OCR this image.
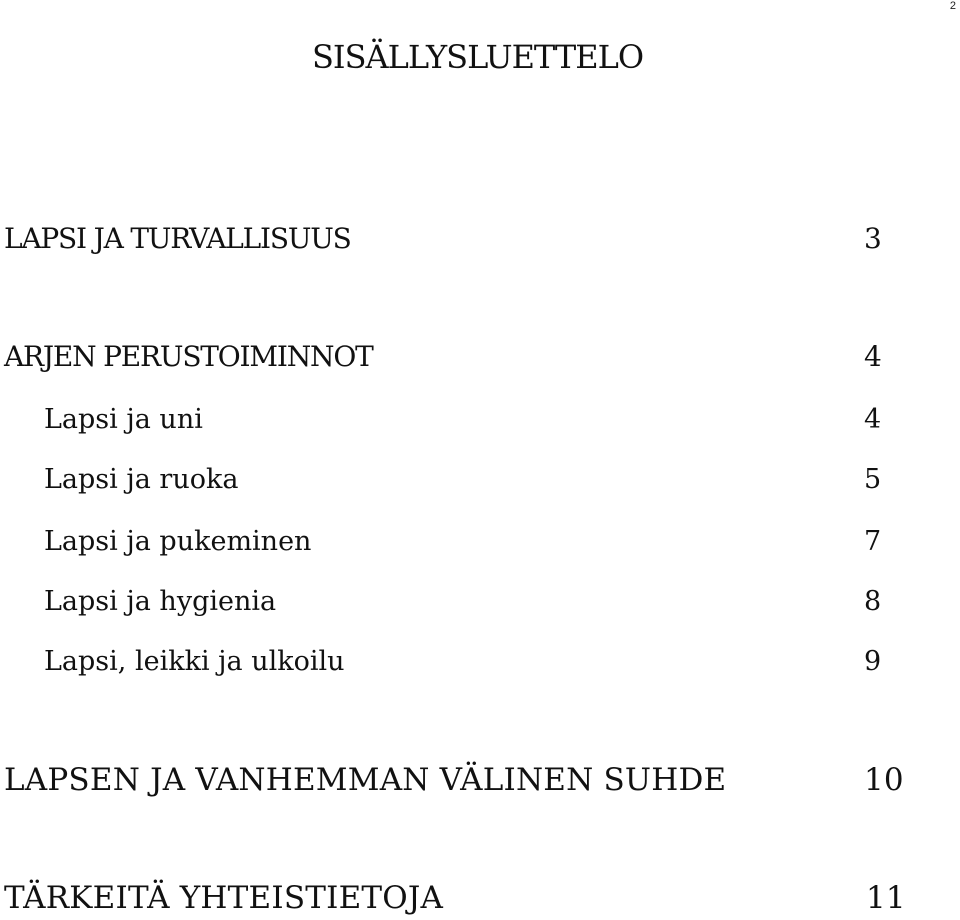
2
SISÄLLYSLUETTELO
LAPSI JA TURVALLISUUS	3
ARJEN PERUSTOIMINNOT	4
Lapsi ja uni	4
Lapsi ja ruoka	5
Lapsi ja pukeminen	7
Lapsi ja hygienia	8
Lapsi, leikki ja ulkoilu	9
LAPSEN JA VANHEMMAN VÄLINEN SUHDE	10
TÄRKEITÄ YHTEISTIETOJA	11
